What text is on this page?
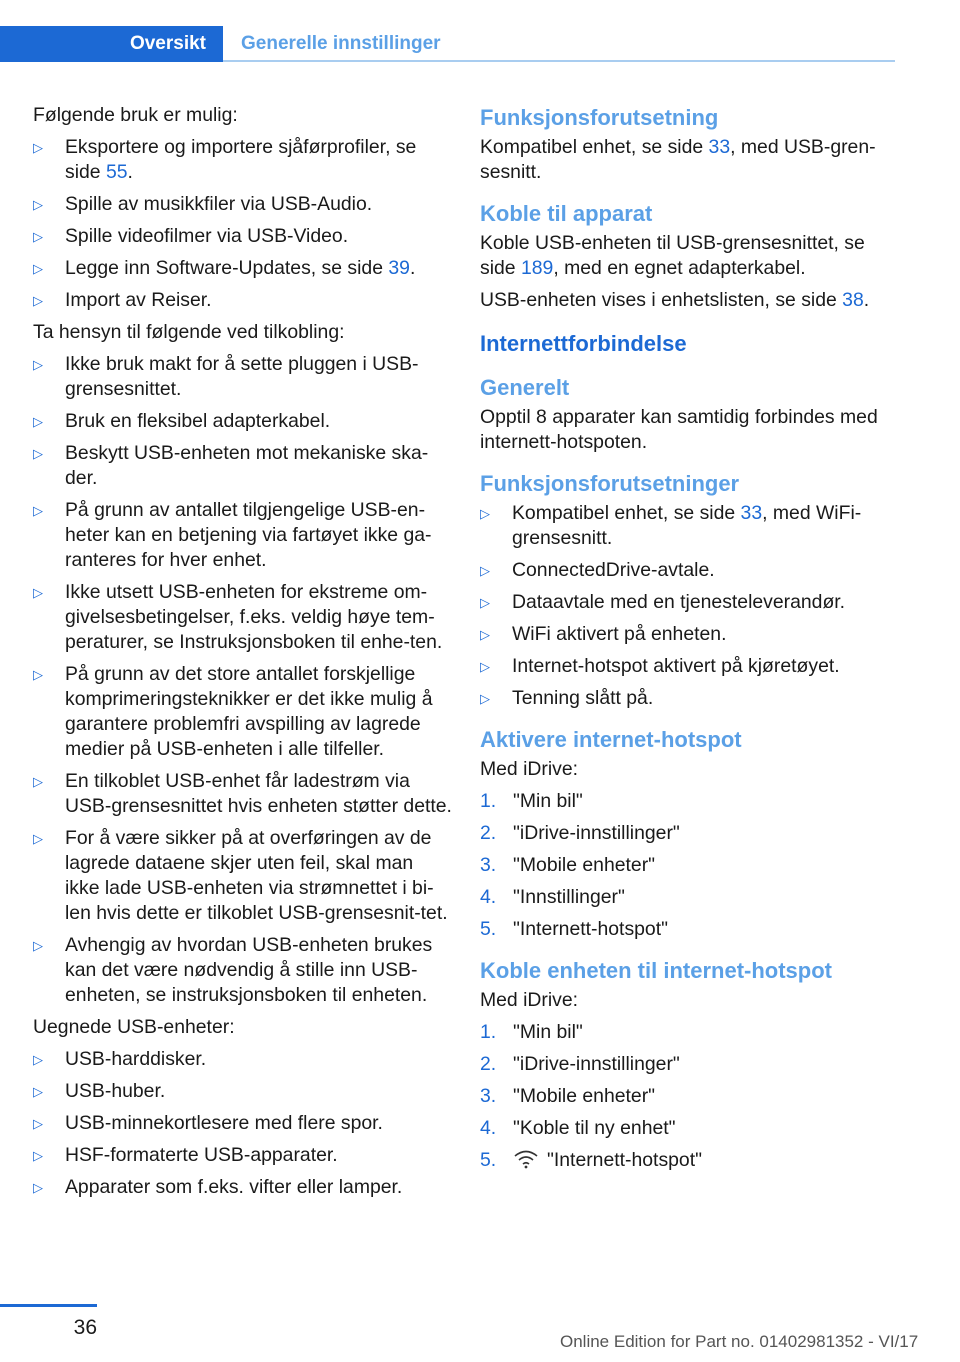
Oversikt	Generelle innstillinger

Følgende bruk er mulig:

▷	Eksportere og importere sjåførprofiler, se side 55.
▷	Spille av musikkfiler via USB-Audio.
▷	Spille videofilmer via USB-Video.
▷	Legge inn Software-Updates, se side 39.
▷	Import av Reiser.

Ta hensyn til følgende ved tilkobling:

▷	Ikke bruk makt for å sette pluggen i USB-grensesnittet.
▷	Bruk en fleksibel adapterkabel.
▷	Beskytt USB-enheten mot mekaniske ska-der.
▷	På grunn av antallet tilgjengelige USB-en-heter kan en betjening via fartøyet ikke ga-ranteres for hver enhet.
▷	Ikke utsett USB-enheten for ekstreme om-givelsesbetingelser, f.eks. veldig høye tem-peraturer, se Instruksjonsboken til enhe-ten.
▷	På grunn av det store antallet forskjellige komprimeringsteknikker er det ikke mulig å garantere problemfri avspilling av lagrede medier på USB-enheten i alle tilfeller.
▷	En tilkoblet USB-enhet får ladestrøm via USB-grensesnittet hvis enheten støtter dette.
▷	For å være sikker på at overføringen av de lagrede dataene skjer uten feil, skal man ikke lade USB-enheten via strømnettet i bi-len hvis dette er tilkoblet USB-grensesnit-tet.
▷	Avhengig av hvordan USB-enheten brukes kan det være nødvendig å stille inn USB-enheten, se instruksjonsboken til enheten.

Uegnede USB-enheter:

▷	USB-harddisker.
▷	USB-huber.
▷	USB-minnekortlesere med flere spor.
▷	HSF-formaterte USB-apparater.
▷	Apparater som f.eks. vifter eller lamper.
Funksjonsforutsetning

Kompatibel enhet, se side 33, med USB-gren-sesnitt.

Koble til apparat

Koble USB-enheten til USB-grensesnittet, se side 189, med en egnet adapterkabel.

USB-enheten vises i enhetslisten, se side 38.

Internettforbindelse
Generelt

Opptil 8 apparater kan samtidig forbindes med internett-hotspoten.

Funksjonsforutsetninger
▷	Kompatibel enhet, se side 33, med WiFi-grensesnitt.
▷	ConnectedDrive-avtale.
▷	Dataavtale med en tjenesteleverandør.
▷	WiFi aktivert på enheten.
▷	Internet-hotspot aktivert på kjøretøyet.
▷	Tenning slått på.
Aktivere internet-hotspot

Med iDrive:

1. "Min bil"
2. "iDrive-innstillinger"
3. "Mobile enheter"
4. "Innstillinger"
5. "Internett-hotspot"
Koble enheten til internet-hotspot

Med iDrive:

1. "Min bil"
2. "iDrive-innstillinger"
3. "Mobile enheter"
4. "Koble til ny enhet"
5.	"Internett-hotspot"
36
Online Edition for Part no. 01402981352 - VI/17
